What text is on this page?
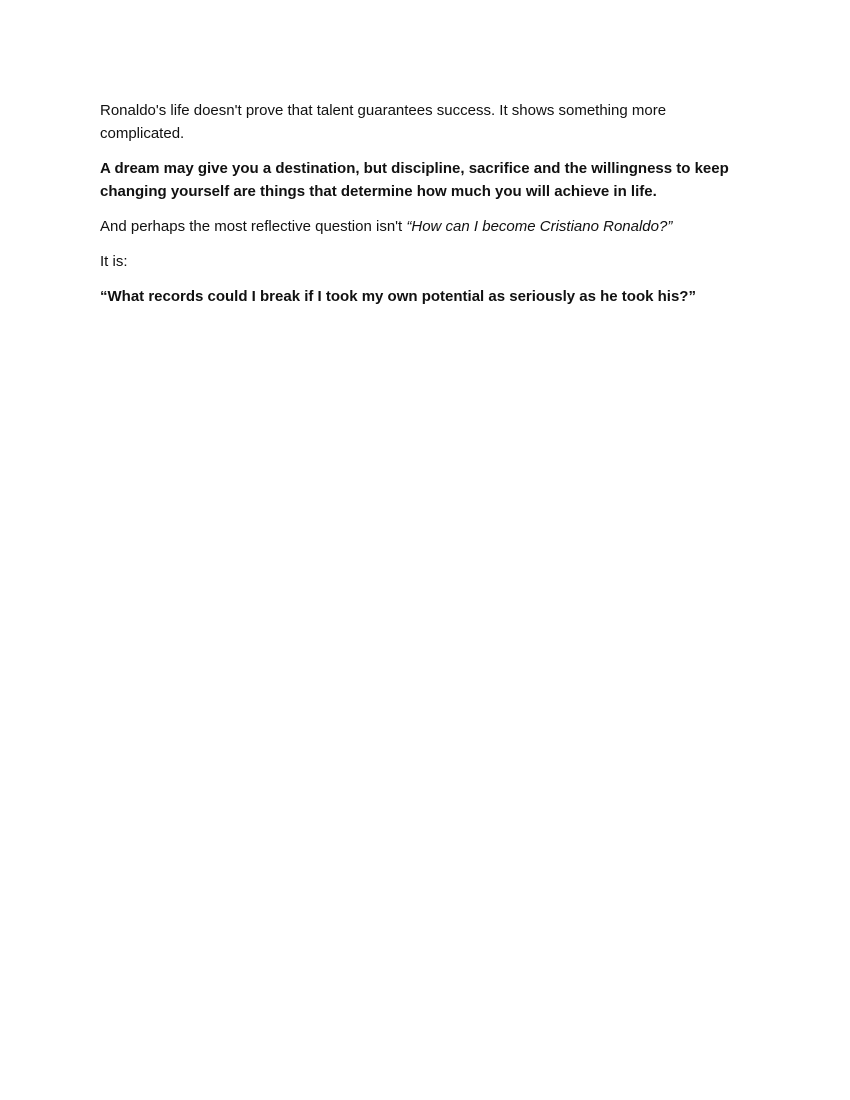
Ronaldo's life doesn't prove that talent guarantees success. It shows something more complicated.

A dream may give you a destination, but discipline, sacrifice and the willingness to keep changing yourself are things that determine how much you will achieve in life.

And perhaps the most reflective question isn't “How can I become Cristiano Ronaldo?”

It is:

“What records could I break if I took my own potential as seriously as he took his?”
